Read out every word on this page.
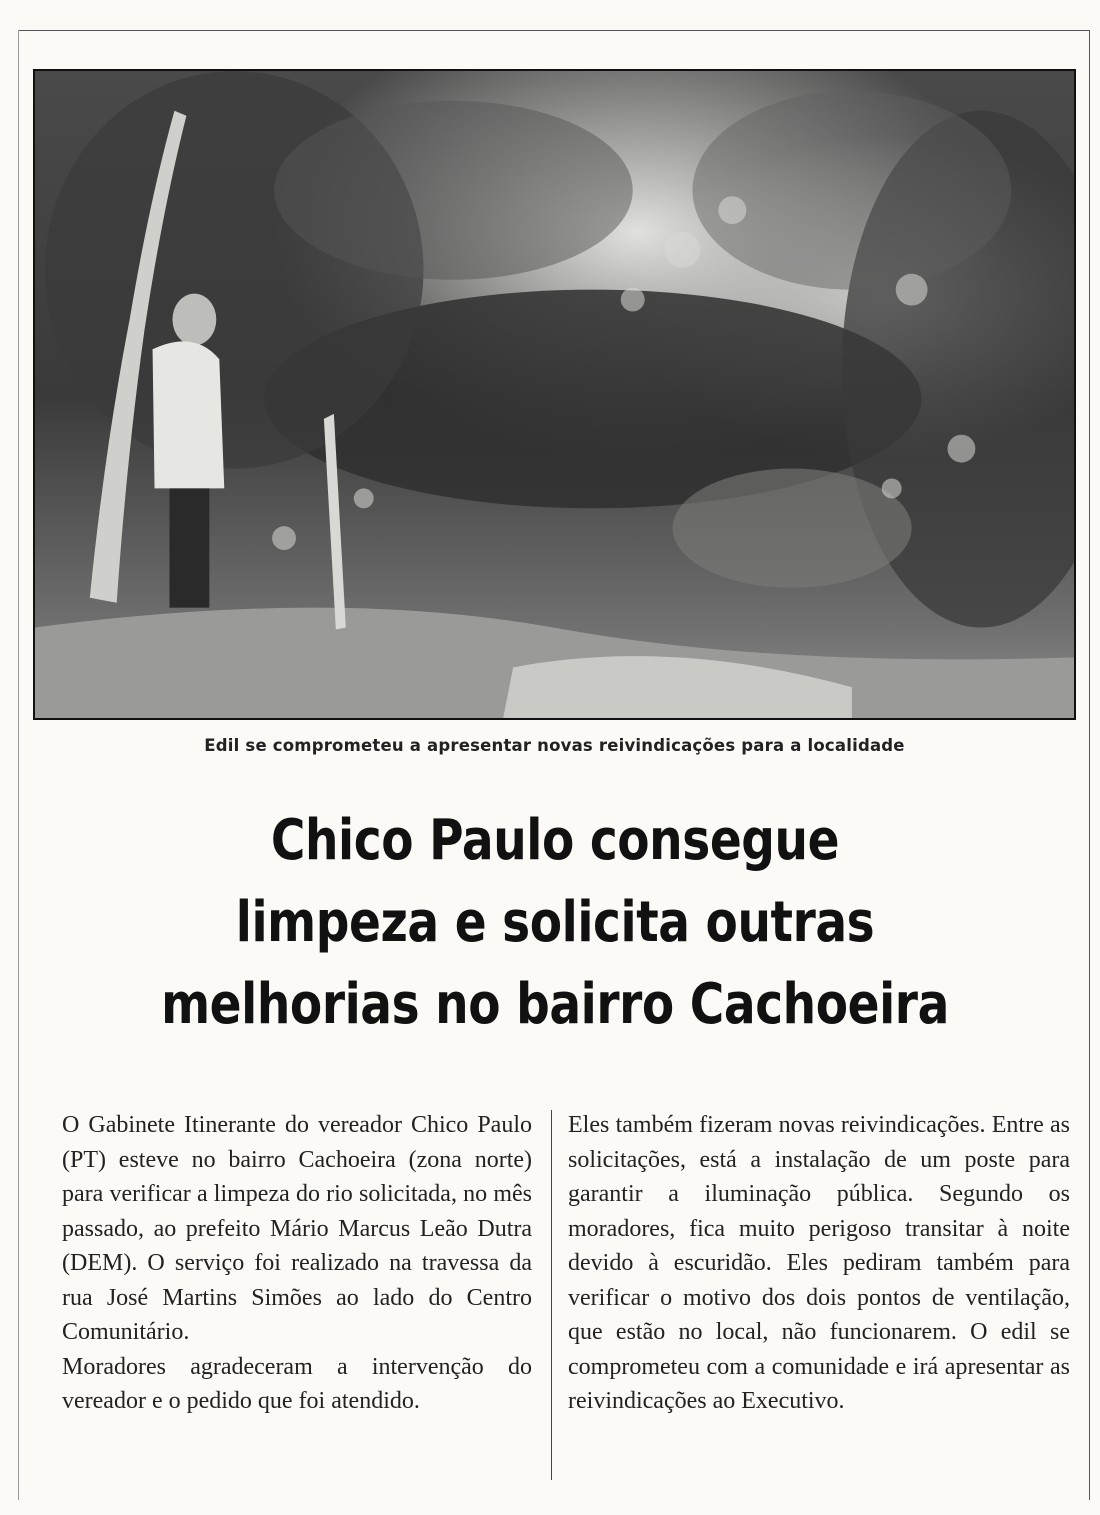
Edil se comprometeu a apresentar novas reivindicações para a localidade
Chico Paulo consegue
limpeza e solicita outras
melhorias no bairro Cachoeira

O Gabinete Itinerante do vereador Chico Paulo (PT) esteve no bairro Cachoeira (zona norte) para verificar a limpeza do rio solicitada, no mês passado, ao prefeito Mário Marcus Leão Dutra (DEM). O serviço foi realizado na travessa da rua José Martins Simões ao lado do Centro Comunitário.

Moradores agradeceram a intervenção do vereador e o pedido que foi atendido.

Eles também fizeram novas reivindicações. Entre as solicitações, está a instalação de um poste para garantir a iluminação pública. Segundo os moradores, fica muito perigoso transitar à noite devido à escuridão. Eles pediram também para verificar o motivo dos dois pontos de ventilação, que estão no local, não funcionarem. O edil se comprometeu com a comunidade e irá apresentar as reivindicações ao Executivo.
